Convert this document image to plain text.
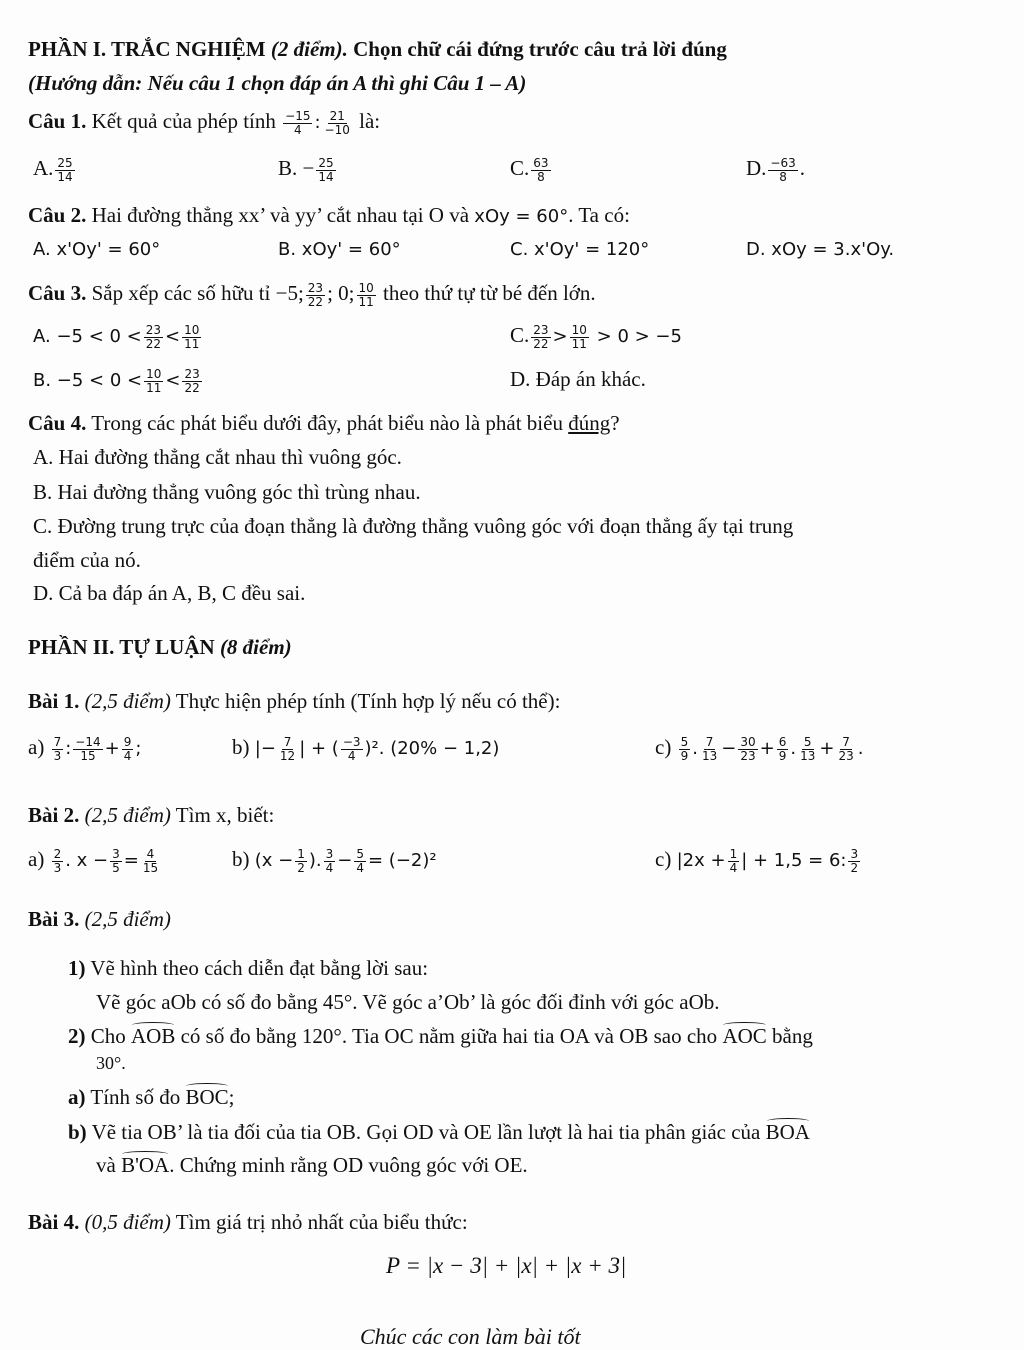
PHẦN I. TRẮC NGHIỆM (2 điểm). Chọn chữ cái đứng trước câu trả lời đúng
(Hướng dẫn: Nếu câu 1 chọn đáp án A thì ghi Câu 1 – A)
Câu 1. Kết quả của phép tính $\frac{-15}{4}$ : $\frac{21}{-10}$ là:
A. $\frac{25}{14}$	B. − $\frac{25}{14}$	C. $\frac{63}{8}$	D. $\frac{-63}{8}$ .
Câu 2. Hai đường thẳng xx’ và yy’ cắt nhau tại O và xOy = 60°. Ta có:
A. x'Oy' = 60°	B. xOy' = 60°	C. x'Oy' = 120°	D. xOy = 3.x'Oy.
Câu 3. Sắp xếp các số hữu tỉ −5; $\frac{23}{22}$ ; 0; $\frac{10}{11}$ theo thứ tự từ bé đến lớn.
A. $-5 < 0 < \frac{23}{22} < \frac{10}{11}$	C. $\frac{23}{22} > \frac{10}{11} > 0 > -5$
B. $-5 < 0 < \frac{10}{11} < \frac{23}{22}$	D. Đáp án khác.
Câu 4. Trong các phát biểu dưới đây, phát biểu nào là phát biểu đúng?
A. Hai đường thẳng cắt nhau thì vuông góc.
B. Hai đường thẳng vuông góc thì trùng nhau.
C. Đường trung trực của đoạn thẳng là đường thẳng vuông góc với đoạn thẳng ấy tại trung
điểm của nó.
D. Cả ba đáp án A, B, C đều sai.
PHẦN II. TỰ LUẬN (8 điểm)
Bài 1. (2,5 điểm) Thực hiện phép tính (Tính hợp lý nếu có thể):
$a) \frac{7}{3}$ : $\frac{-14}{15} + \frac{9}{4}$ ;	b) |− $\frac{7}{12}$ | + ( $\frac{-3}{4} )^2$. (20% − 1,2)	$c) \frac{5}{9}$ . $\frac{7}{13} - \frac{30}{23} + \frac{6}{9}$ . $\frac{5}{13} + \frac{7}{23}$ .
Bài 2. (2,5 điểm) Tìm x, biết:
$a) \frac{2}{3}$ . $x - \frac{3}{5} = \frac{4}{15}$	b) ($x - \frac{1}{2}$ ). $\frac{3}{4} - \frac{5}{4} = (-2)^2$	c) $|2x + \frac{1}{4}$ | + 1,5 = 6: $\frac{3}{2}$
Bài 3. (2,5 điểm)
1) Vẽ hình theo cách diễn đạt bằng lời sau:
Vẽ góc aOb có số đo bằng 45°. Vẽ góc a’Ob’ là góc đối đỉnh với góc aOb.
2) Cho AOB có số đo bằng 120°. Tia OC nằm giữa hai tia OA và OB sao cho AOC bằng
30°.
a) Tính số đo BOC;
b) Vẽ tia OB’ là tia đối của tia OB. Gọi OD và OE lần lượt là hai tia phân giác của BOA
và B'OA. Chứng minh rằng OD vuông góc với OE.
Bài 4. (0,5 điểm) Tìm giá trị nhỏ nhất của biểu thức:
P = |x − 3| + |x| + |x + 3|
Chúc các con làm bài tốt
